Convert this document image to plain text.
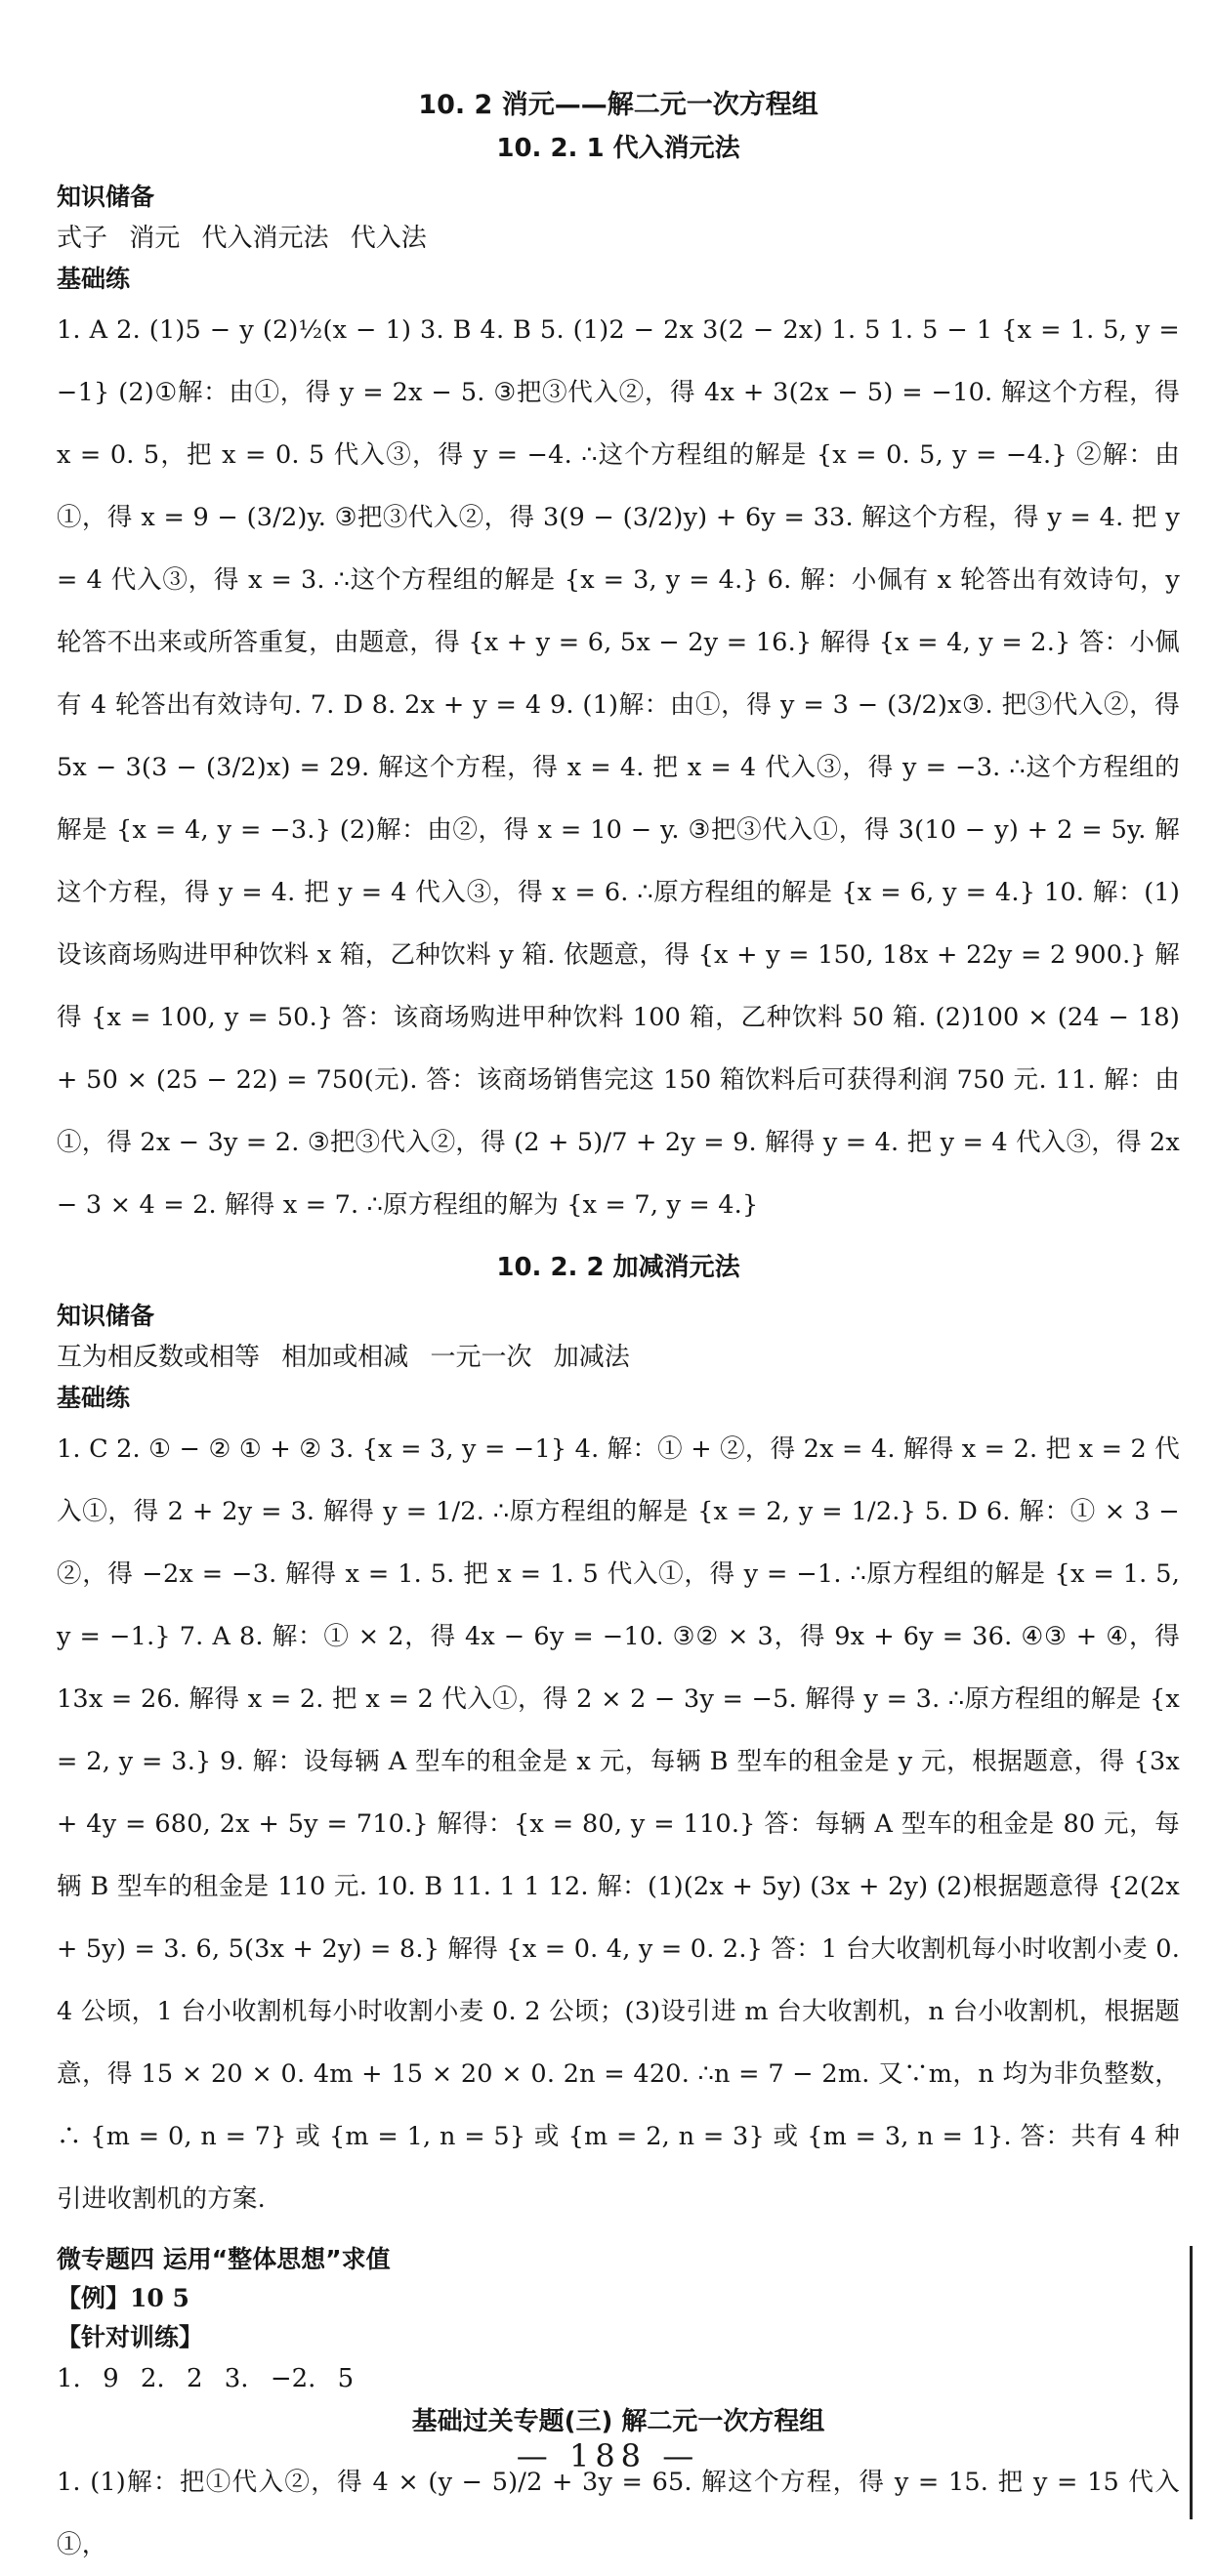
10. 2 消元——解二元一次方程组
10. 2. 1 代入消元法
知识储备
式子 消元 代入消元法 代入法
基础练
1. A 2. (1)5 − y (2)½(x − 1) 3. B 4. B 5. (1)2 − 2x 3(2 − 2x) 1. 5 1. 5 − 1 {x = 1. 5, y = −1} (2)①解：由①，得 y = 2x − 5. ③把③代入②，得 4x + 3(2x − 5) = −10. 解这个方程，得 x = 0. 5，把 x = 0. 5 代入③，得 y = −4. ∴这个方程组的解是 {x = 0. 5, y = −4.} ②解：由①，得 x = 9 − (3/2)y. ③把③代入②，得 3(9 − (3/2)y) + 6y = 33. 解这个方程，得 y = 4. 把 y = 4 代入③，得 x = 3. ∴这个方程组的解是 {x = 3, y = 4.} 6. 解：小佩有 x 轮答出有效诗句，y 轮答不出来或所答重复，由题意，得 {x + y = 6, 5x − 2y = 16.} 解得 {x = 4, y = 2.} 答：小佩有 4 轮答出有效诗句. 7. D 8. 2x + y = 4 9. (1)解：由①，得 y = 3 − (3/2)x③. 把③代入②，得 5x − 3(3 − (3/2)x) = 29. 解这个方程，得 x = 4. 把 x = 4 代入③，得 y = −3. ∴这个方程组的解是 {x = 4, y = −3.} (2)解：由②，得 x = 10 − y. ③把③代入①，得 3(10 − y) + 2 = 5y. 解这个方程，得 y = 4. 把 y = 4 代入③，得 x = 6. ∴原方程组的解是 {x = 6, y = 4.} 10. 解：(1)设该商场购进甲种饮料 x 箱，乙种饮料 y 箱. 依题意，得 {x + y = 150, 18x + 22y = 2 900.} 解得 {x = 100, y = 50.} 答：该商场购进甲种饮料 100 箱，乙种饮料 50 箱. (2)100 × (24 − 18) + 50 × (25 − 22) = 750(元). 答：该商场销售完这 150 箱饮料后可获得利润 750 元. 11. 解：由①，得 2x − 3y = 2. ③把③代入②，得 (2 + 5)/7 + 2y = 9. 解得 y = 4. 把 y = 4 代入③，得 2x − 3 × 4 = 2. 解得 x = 7. ∴原方程组的解为 {x = 7, y = 4.}
10. 2. 2 加减消元法
知识储备
互为相反数或相等 相加或相减 一元一次 加减法
基础练
1. C 2. ① − ② ① + ② 3. {x = 3, y = −1} 4. 解：① + ②，得 2x = 4. 解得 x = 2. 把 x = 2 代入①，得 2 + 2y = 3. 解得 y = 1/2. ∴原方程组的解是 {x = 2, y = 1/2.} 5. D 6. 解：① × 3 − ②，得 −2x = −3. 解得 x = 1. 5. 把 x = 1. 5 代入①，得 y = −1. ∴原方程组的解是 {x = 1. 5, y = −1.} 7. A 8. 解：① × 2，得 4x − 6y = −10. ③② × 3，得 9x + 6y = 36. ④③ + ④，得 13x = 26. 解得 x = 2. 把 x = 2 代入①，得 2 × 2 − 3y = −5. 解得 y = 3. ∴原方程组的解是 {x = 2, y = 3.} 9. 解：设每辆 A 型车的租金是 x 元，每辆 B 型车的租金是 y 元，根据题意，得 {3x + 4y = 680, 2x + 5y = 710.} 解得：{x = 80, y = 110.} 答：每辆 A 型车的租金是 80 元，每辆 B 型车的租金是 110 元. 10. B 11. 1 1 12. 解：(1)(2x + 5y) (3x + 2y) (2)根据题意得 {2(2x + 5y) = 3. 6, 5(3x + 2y) = 8.} 解得 {x = 0. 4, y = 0. 2.} 答：1 台大收割机每小时收割小麦 0. 4 公顷，1 台小收割机每小时收割小麦 0. 2 公顷；(3)设引进 m 台大收割机，n 台小收割机，根据题意，得 15 × 20 × 0. 4m + 15 × 20 × 0. 2n = 420. ∴n = 7 − 2m. 又∵m，n 均为非负整数，∴ {m = 0, n = 7} 或 {m = 1, n = 5} 或 {m = 2, n = 3} 或 {m = 3, n = 1}. 答：共有 4 种引进收割机的方案.
微专题四 运用“整体思想”求值
【例】10 5
【针对训练】
1. 9 2. 2 3. −2. 5
基础过关专题(三) 解二元一次方程组
1. (1)解：把①代入②，得 4 × (y − 5)/2 + 3y = 65. 解这个方程，得 y = 15. 把 y = 15 代入①，
— 188 —
